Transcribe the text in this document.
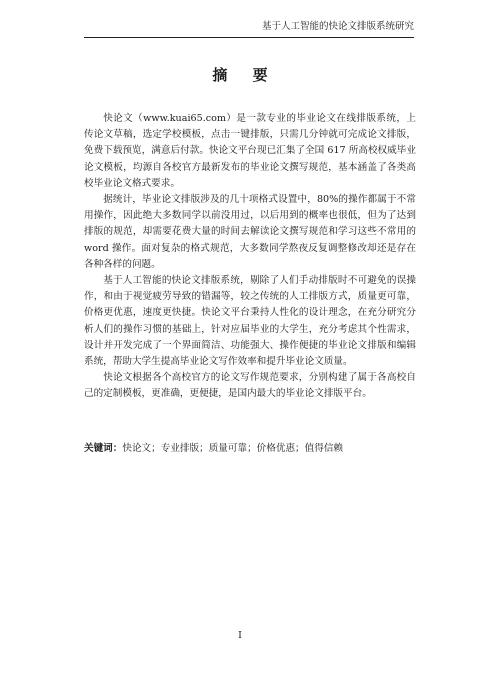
基于人工智能的快论文排版系统研究
摘 要

快论文（www.kuai65.com）是一款专业的毕业论文在线排版系统，上传论文草稿，选定学校模板，点击一键排版，只需几分钟就可完成论文排版，免费下载预览，满意后付款。快论文平台现已汇集了全国 617 所高校权威毕业论文模板，均源自各校官方最新发布的毕业论文撰写规范，基本涵盖了各类高校毕业论文格式要求。

据统计，毕业论文排版涉及的几十项格式设置中，80%的操作都属于不常用操作，因此绝大多数同学以前没用过，以后用到的概率也很低，但为了达到排版的规范，却需要花费大量的时间去解读论文撰写规范和学习这些不常用的 word 操作。面对复杂的格式规范，大多数同学熬夜反复调整修改却还是存在各种各样的问题。

基于人工智能的快论文排版系统，剔除了人们手动排版时不可避免的误操作，和由于视觉疲劳导致的错漏等，较之传统的人工排版方式，质量更可靠，价格更优惠，速度更快捷。快论文平台秉持人性化的设计理念，在充分研究分析人们的操作习惯的基础上，针对应届毕业的大学生，充分考虑其个性需求，设计并开发完成了一个界面简洁、功能强大、操作便捷的毕业论文排版和编辑系统，帮助大学生提高毕业论文写作效率和提升毕业论文质量。

快论文根据各个高校官方的论文写作规范要求，分别构建了属于各高校自己的定制模板，更准确，更便捷，是国内最大的毕业论文排版平台。

关键词：快论文；专业排版；质量可靠；价格优惠；值得信赖
I
